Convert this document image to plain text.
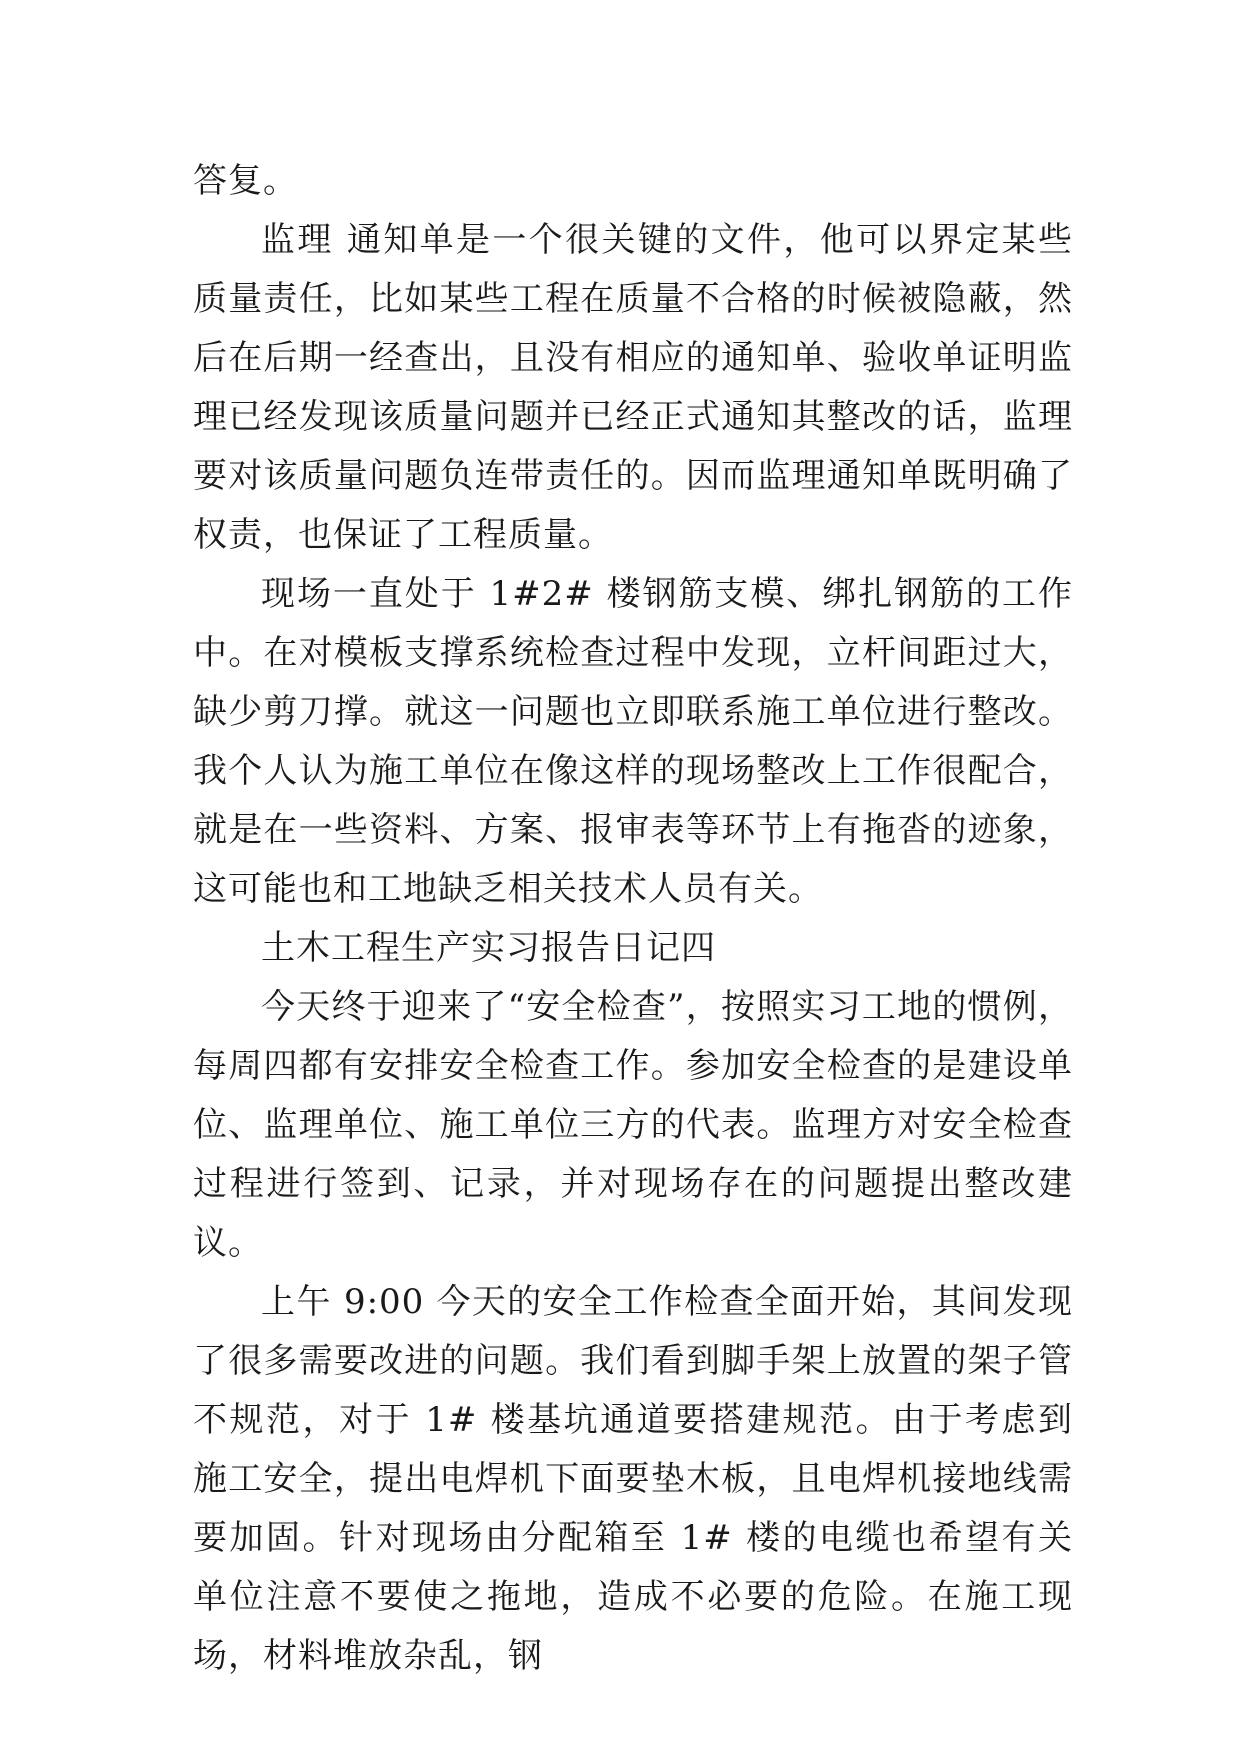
答复。

监理 通知单是一个很关键的文件，他可以界定某些质量责任，比如某些工程在质量不合格的时候被隐蔽，然后在后期一经查出，且没有相应的通知单、验收单证明监理已经发现该质量问题并已经正式通知其整改的话，监理要对该质量问题负连带责任的。因而监理通知单既明确了权责，也保证了工程质量。

现场一直处于 1#2# 楼钢筋支模、绑扎钢筋的工作中。在对模板支撑系统检查过程中发现，立杆间距过大，缺少剪刀撑。就这一问题也立即联系施工单位进行整改。我个人认为施工单位在像这样的现场整改上工作很配合，就是在一些资料、方案、报审表等环节上有拖沓的迹象，这可能也和工地缺乏相关技术人员有关。

土木工程生产实习报告日记四

今天终于迎来了“安全检查”，按照实习工地的惯例，每周四都有安排安全检查工作。参加安全检查的是建设单位、监理单位、施工单位三方的代表。监理方对安全检查过程进行签到、记录，并对现场存在的问题提出整改建议。

上午 9:00 今天的安全工作检查全面开始，其间发现了很多需要改进的问题。我们看到脚手架上放置的架子管不规范，对于 1# 楼基坑通道要搭建规范。由于考虑到施工安全，提出电焊机下面要垫木板，且电焊机接地线需要加固。针对现场由分配箱至 1# 楼的电缆也希望有关单位注意不要使之拖地，造成不必要的危险。在施工现场，材料堆放杂乱，钢
